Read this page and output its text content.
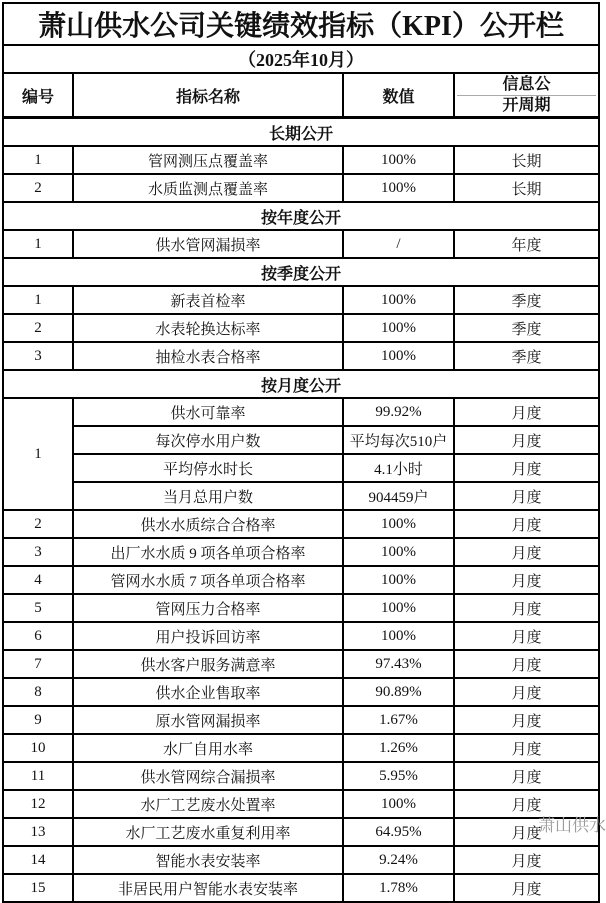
萧山供水公司关键绩效指标（KPI）公开栏			
（2025年10月）			
编号	指标名称	数值	信息公
开周期

长期公开			
1	管网测压点覆盖率	100%	长期
2	水质监测点覆盖率	100%	长期
按年度公开			
1	供水管网漏损率	/	年度
按季度公开			
1	新表首检率	100%	季度
2	水表轮换达标率	100%	季度
3	抽检水表合格率	100%	季度
按月度公开			
1	供水可靠率	99.92%	月度
	每次停水用户数	平均每次510户	月度
	平均停水时长	4.1小时	月度
	当月总用户数	904459户	月度
2	供水水质综合合格率	100%	月度
3	出厂水水质 9 项各单项合格率	100%	月度
4	管网水水质 7 项各单项合格率	100%	月度
5	管网压力合格率	100%	月度
6	用户投诉回访率	100%	月度
7	供水客户服务满意率	97.43%	月度
8	供水企业售取率	90.89%	月度
9	原水管网漏损率	1.67%	月度
10	水厂自用水率	1.26%	月度
11	供水管网综合漏损率	5.95%	月度
12	水厂工艺废水处置率	100%	月度
13	水厂工艺废水重复利用率	64.95%	月度
14	智能水表安装率	9.24%	月度
15	非居民用户智能水表安装率	1.78%	月度
萧山供水
